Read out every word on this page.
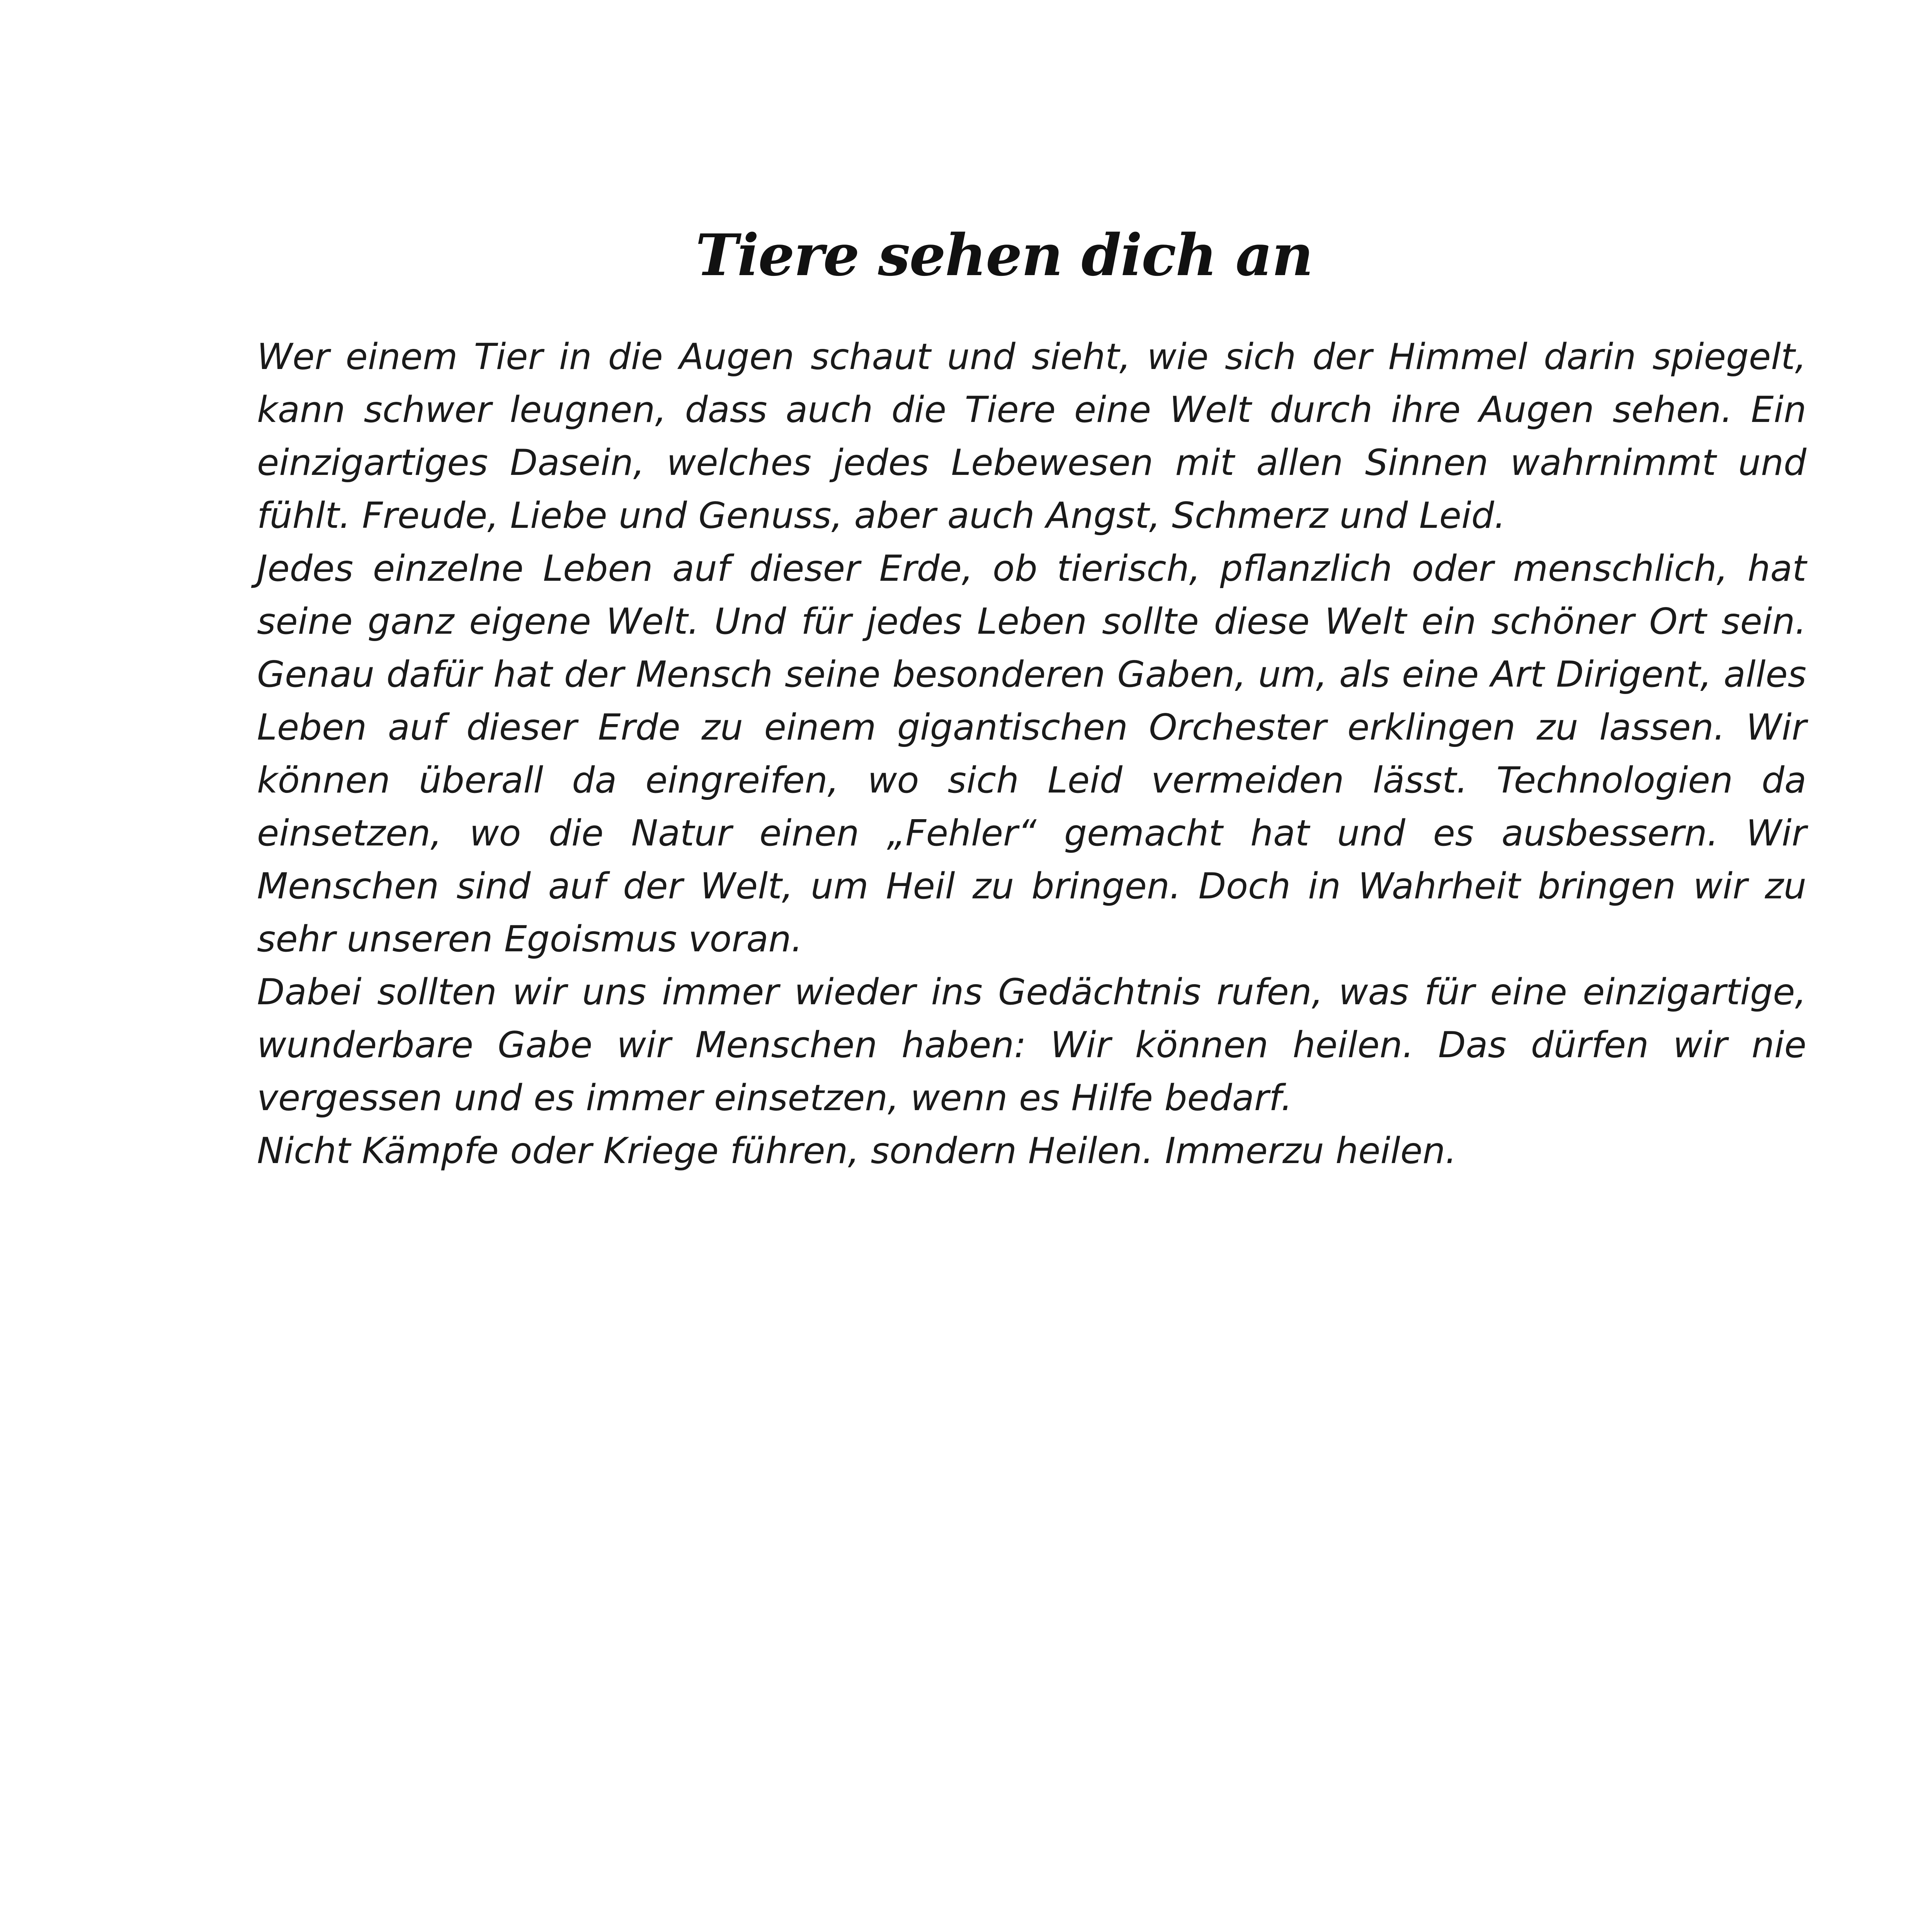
Tiere sehen dich an

Wer einem Tier in die Augen schaut und sieht, wie sich der Himmel darin spiegelt, kann schwer leugnen, dass auch die Tiere eine Welt durch ihre Augen sehen. Ein einzigartiges Dasein, welches jedes Lebewesen mit allen Sinnen wahrnimmt und fühlt. Freude, Liebe und Genuss, aber auch Angst, Schmerz und Leid.

Jedes einzelne Leben auf dieser Erde, ob tierisch, pflanzlich oder menschlich, hat seine ganz eigene Welt. Und für jedes Leben sollte diese Welt ein schöner Ort sein. Genau dafür hat der Mensch seine besonderen Gaben, um, als eine Art Dirigent, alles Leben auf dieser Erde zu einem gigantischen Orchester erklingen zu lassen. Wir können überall da eingreifen, wo sich Leid vermeiden lässt. Technologien da einsetzen, wo die Natur einen „Fehler“ gemacht hat und es ausbessern. Wir Menschen sind auf der Welt, um Heil zu bringen. Doch in Wahrheit bringen wir zu sehr unseren Egoismus voran.

Dabei sollten wir uns immer wieder ins Gedächtnis rufen, was für eine einzigartige, wunderbare Gabe wir Menschen haben: Wir können heilen. Das dürfen wir nie vergessen und es immer einsetzen, wenn es Hilfe bedarf.

Nicht Kämpfe oder Kriege führen, sondern Heilen. Immerzu heilen.
